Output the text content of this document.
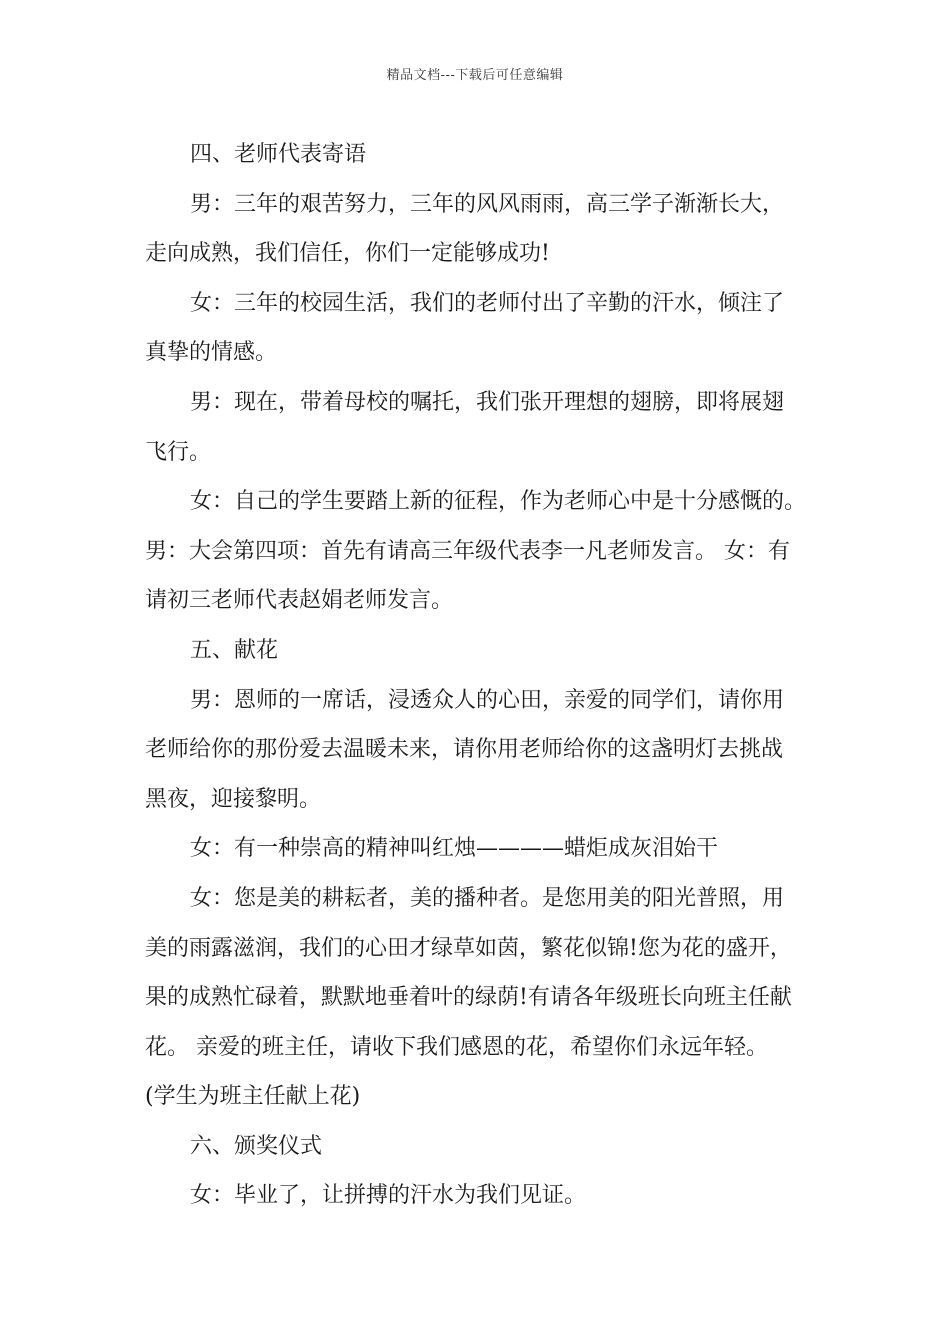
精品文档---下载后可任意编辑
四、老师代表寄语
男：三年的艰苦努力，三年的风风雨雨，高三学子渐渐长大，
走向成熟，我们信任，你们一定能够成功!
女：三年的校园生活，我们的老师付出了辛勤的汗水，倾注了
真挚的情感。
男：现在，带着母校的嘱托，我们张开理想的翅膀，即将展翅
飞行。
女：自己的学生要踏上新的征程，作为老师心中是十分感慨的。
男：大会第四项：首先有请高三年级代表李一凡老师发言。 女：有
请初三老师代表赵娟老师发言。
五、献花
男：恩师的一席话，浸透众人的心田，亲爱的同学们，请你用
老师给你的那份爱去温暖未来，请你用老师给你的这盏明灯去挑战
黑夜，迎接黎明。
女：有一种崇高的精神叫红烛————蜡炬成灰泪始干
女：您是美的耕耘者，美的播种者。是您用美的阳光普照，用
美的雨露滋润，我们的心田才绿草如茵，繁花似锦!您为花的盛开，
果的成熟忙碌着，默默地垂着叶的绿荫!有请各年级班长向班主任献
花。 亲爱的班主任，请收下我们感恩的花，希望你们永远年轻。
(学生为班主任献上花)
六、颁奖仪式
女：毕业了，让拼搏的汗水为我们见证。
